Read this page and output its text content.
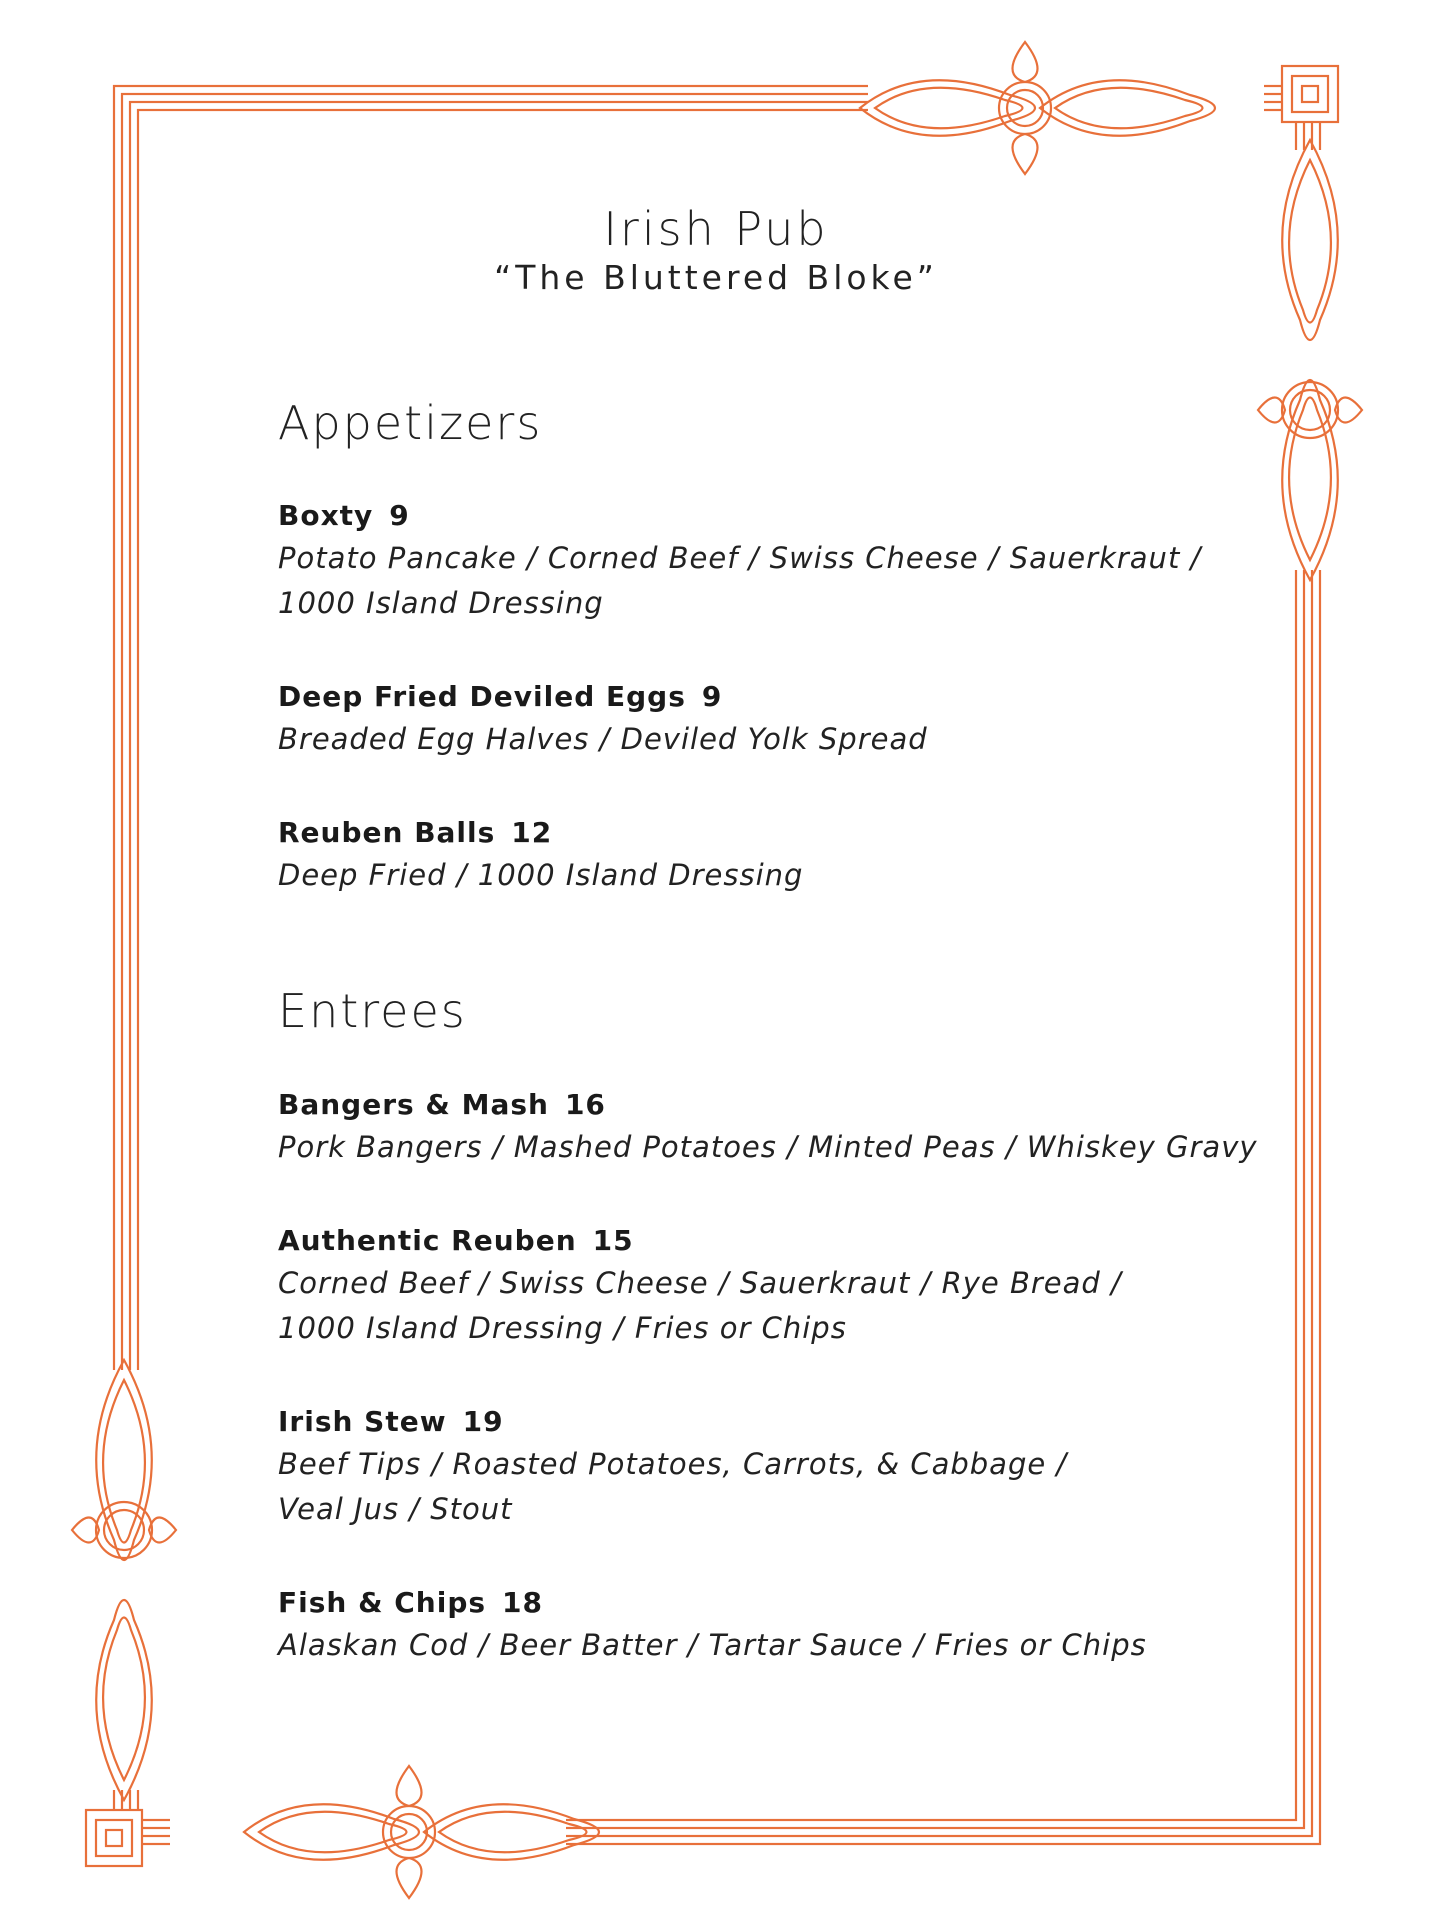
Irish Pub
“The Bluttered Bloke”
Appetizers
Boxty 9
Potato Pancake / Corned Beef / Swiss Cheese / Sauerkraut /
1000 Island Dressing
Deep Fried Deviled Eggs 9
Breaded Egg Halves / Deviled Yolk Spread
Reuben Balls 12
Deep Fried / 1000 Island Dressing
Entrees
Bangers & Mash 16
Pork Bangers / Mashed Potatoes / Minted Peas / Whiskey Gravy
Authentic Reuben 15
Corned Beef / Swiss Cheese / Sauerkraut / Rye Bread /
1000 Island Dressing / Fries or Chips
Irish Stew 19
Beef Tips / Roasted Potatoes, Carrots, & Cabbage /
Veal Jus / Stout
Fish & Chips 18
Alaskan Cod / Beer Batter / Tartar Sauce / Fries or Chips
